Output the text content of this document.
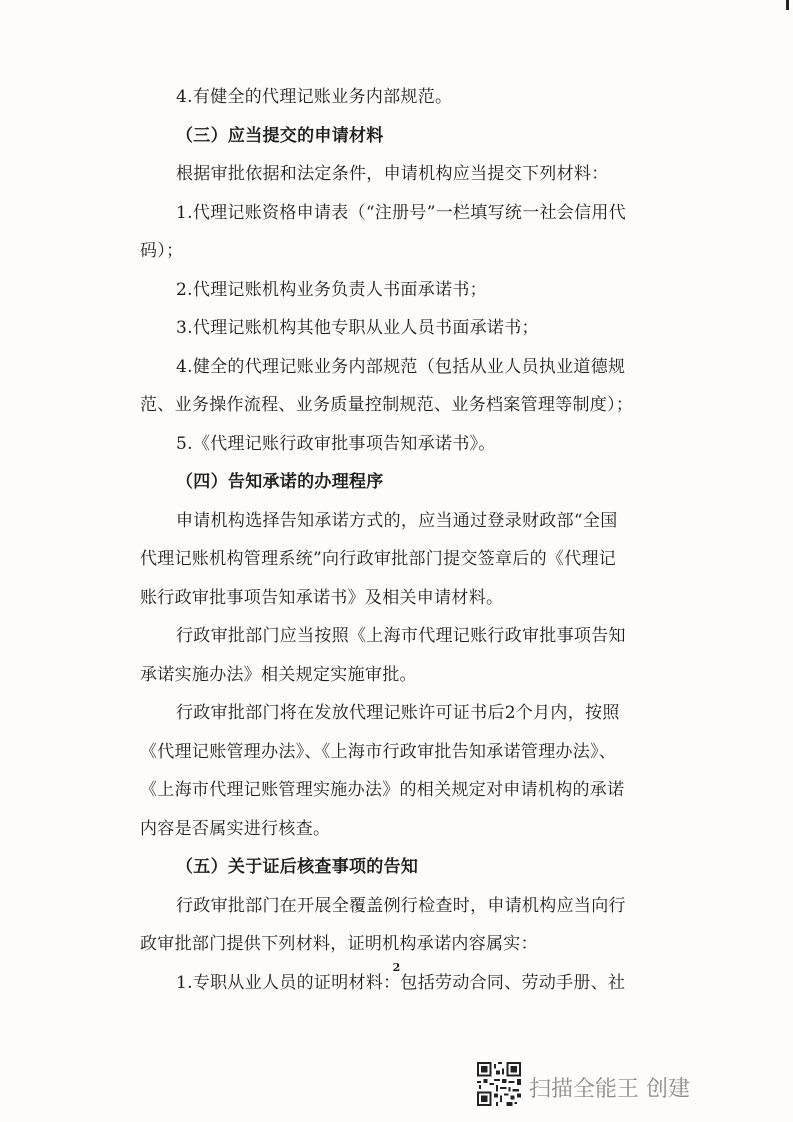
4.有健全的代理记账业务内部规范。
（三）应当提交的申请材料
根据审批依据和法定条件，申请机构应当提交下列材料：
1.代理记账资格申请表（“注册号”一栏填写统一社会信用代
码）；
2.代理记账机构业务负责人书面承诺书；
3.代理记账机构其他专职从业人员书面承诺书；
4.健全的代理记账业务内部规范（包括从业人员执业道德规
范、业务操作流程、业务质量控制规范、业务档案管理等制度）；
5.《代理记账行政审批事项告知承诺书》。
（四）告知承诺的办理程序
申请机构选择告知承诺方式的，应当通过登录财政部“全国
代理记账机构管理系统”向行政审批部门提交签章后的《代理记
账行政审批事项告知承诺书》及相关申请材料。
行政审批部门应当按照《上海市代理记账行政审批事项告知
承诺实施办法》相关规定实施审批。
行政审批部门将在发放代理记账许可证书后2个月内，按照
《代理记账管理办法》、《上海市行政审批告知承诺管理办法》、
《上海市代理记账管理实施办法》的相关规定对申请机构的承诺
内容是否属实进行核查。
（五）关于证后核查事项的告知
行政审批部门在开展全覆盖例行检查时，申请机构应当向行
政审批部门提供下列材料，证明机构承诺内容属实：
1.专职从业人员的证明材料：包括劳动合同、劳动手册、社
2
扫描全能王 创建
